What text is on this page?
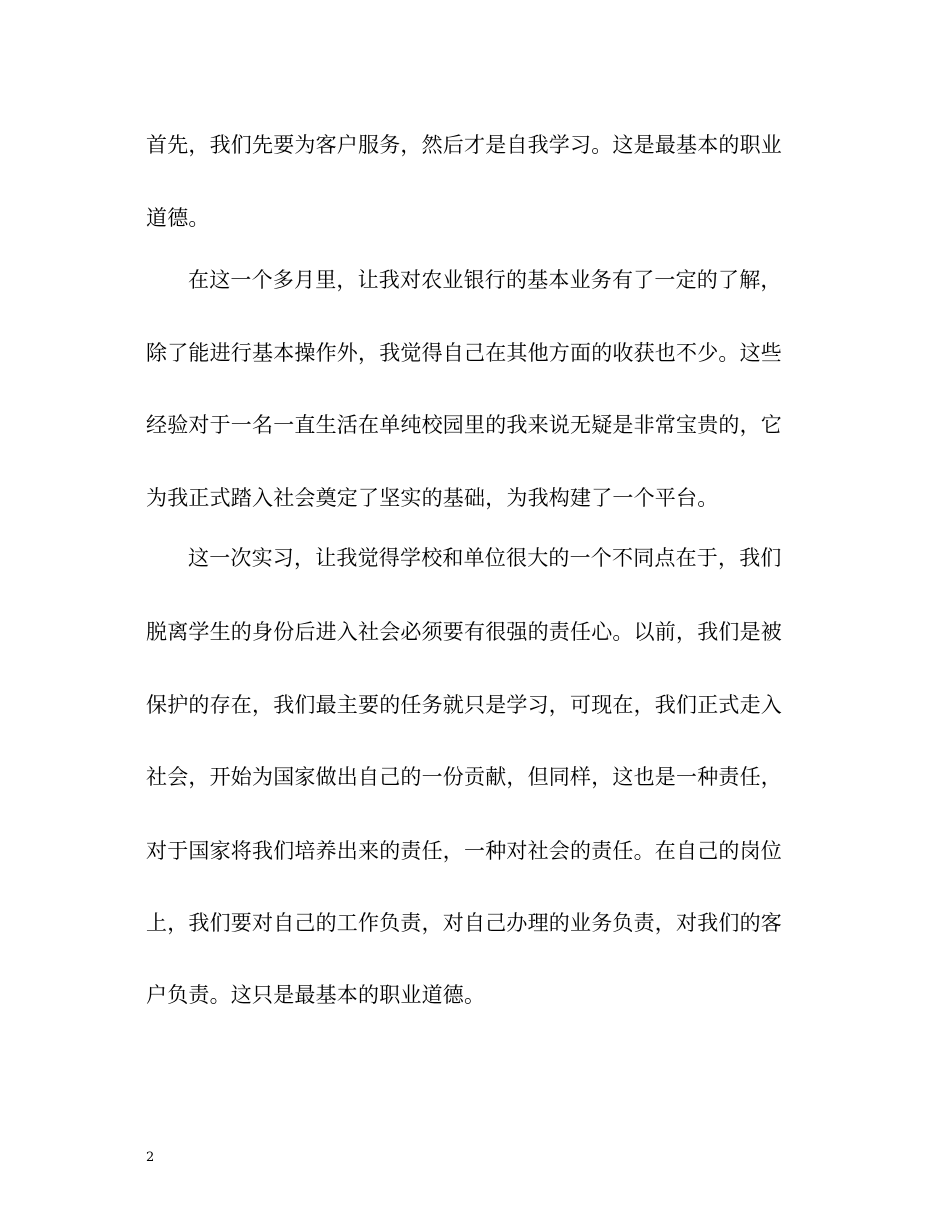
首先，我们先要为客户服务，然后才是自我学习。这是最基本的职业
道德。
在这一个多月里，让我对农业银行的基本业务有了一定的了解，
除了能进行基本操作外，我觉得自己在其他方面的收获也不少。这些
经验对于一名一直生活在单纯校园里的我来说无疑是非常宝贵的，它
为我正式踏入社会奠定了坚实的基础，为我构建了一个平台。
这一次实习，让我觉得学校和单位很大的一个不同点在于，我们
脱离学生的身份后进入社会必须要有很强的责任心。以前，我们是被
保护的存在，我们最主要的任务就只是学习，可现在，我们正式走入
社会，开始为国家做出自己的一份贡献，但同样，这也是一种责任，
对于国家将我们培养出来的责任，一种对社会的责任。在自己的岗位
上，我们要对自己的工作负责，对自己办理的业务负责，对我们的客
户负责。这只是最基本的职业道德。
2
